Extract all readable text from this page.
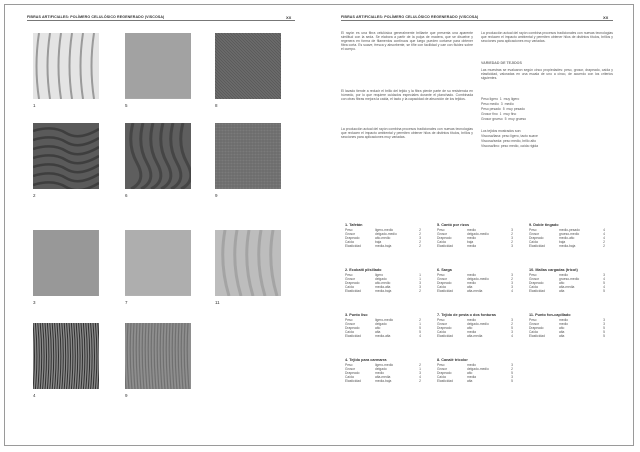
FIBRAS ARTIFICIALES: POLÍMERO CELULÓSICO REGENERADO (VISCOSA)	XX
1	5	8
2	6	9
3	7	11
4	9
FIBRAS ARTIFICIALES: POLÍMERO CELULÓSICO REGENERADO (VISCOSA)	XX

El rayón es una fibra celulósica generalmente brillante que presenta una aparente similitud con la seda. Se elabora a partir de la pulpa de madera, que se disuelve y regenera en forma de filamentos continuos que luego pueden cortarse para obtener fibra corta. Es suave, fresca y absorbente, se tiñe con facilidad y cae con fluidez sobre el cuerpo.

El lavado tiende a reducir el brillo del tejido y la fibra pierde parte de su resistencia en húmedo, por lo que requiere cuidados especiales durante el planchado. Combinada con otras fibras mejora la caída, el tacto y la capacidad de absorción de los tejidos.

La producción actual del rayón combina procesos tradicionales con nuevas tecnologías que reducen el impacto ambiental y permiten obtener hilos de distintos títulos, brillos y secciones para aplicaciones muy variadas.

La producción actual del rayón combina procesos tradicionales con nuevas tecnologías que reducen el impacto ambiental y permiten obtener hilos de distintos títulos, brillos y secciones para aplicaciones muy variadas.

VARIEDAD DE TEJIDOS

Las muestras se evaluaron según cinco propiedades: peso, grosor, drapeado, caída y elasticidad, valoradas en una escala de uno a cinco, de acuerdo con los criterios siguientes.

Peso ligero 1 muy ligero
Peso medio 3 medio
Peso pesado 5 muy pesado
Grosor fino 1 muy fino
Grosor grueso 5 muy grueso
Los tejidos mostrados son:
Viscosa/lana: peso ligero, tacto suave
Viscosa/seda: peso medio, brillo alto
Viscosa/lino: peso medio, caída rígida
1. Tafetán
Peso	ligero-medio	2
Grosor	delgado-medio	2
Drapeado	alto-medio	3
Caída	baja	2
Elasticidad	media-baja	2
5. Cantó por rizos
Peso	medio	3
Grosor	delgado-medio	2
Drapeado	medio	3
Caída	baja	2
Elasticidad	media	3
9. Doble tingado
Peso	medio-pesado	4
Grosor	grueso-medio	4
Drapeado	medio-alto	4
Caída	baja	2
Elasticidad	media-baja	2
2. Ecobaiti plisillado
Peso	ligero	1
Grosor	delgado	1
Drapeado	alto-medio	3
Caída	media-alta	3
Elasticidad	media-baja	2
6. Sarga
Peso	medio	3
Grosor	delgado-medio	2
Drapeado	medio	3
Caída	alta	3
Elasticidad	alta-media	4
10. Mallas cargadas (tricot)
Peso	medio	3
Grosor	grueso-medio	4
Drapeado	alto	5
Caída	alta-media	4
Elasticidad	alta	5
3. Punto liso
Peso	ligero-medio	2
Grosor	delgado	1
Drapeado	alto	5
Caída	alta	5
Elasticidad	media-alta	4
7. Tejido de pesta o dos fonturas
Peso	medio	3
Grosor	delgado-medio	2
Drapeado	alto	5
Caída	media	3
Elasticidad	alta-media	4
11. Punto fon-capillado
Peso	medio	3
Grosor	medio	3
Drapeado	alto	5
Caída	alta	5
Elasticidad	alta	5
4. Tejido para carmarra
Peso	ligero-medio	2
Grosor	delgado	1
Drapeado	medio	3
Caída	alta-media	4
Elasticidad	media-baja	2
8. Canalé tricolor
Peso	medio	3
Grosor	delgado-medio	2
Drapeado	alto	5
Caída	media	3
Elasticidad	alta	5
